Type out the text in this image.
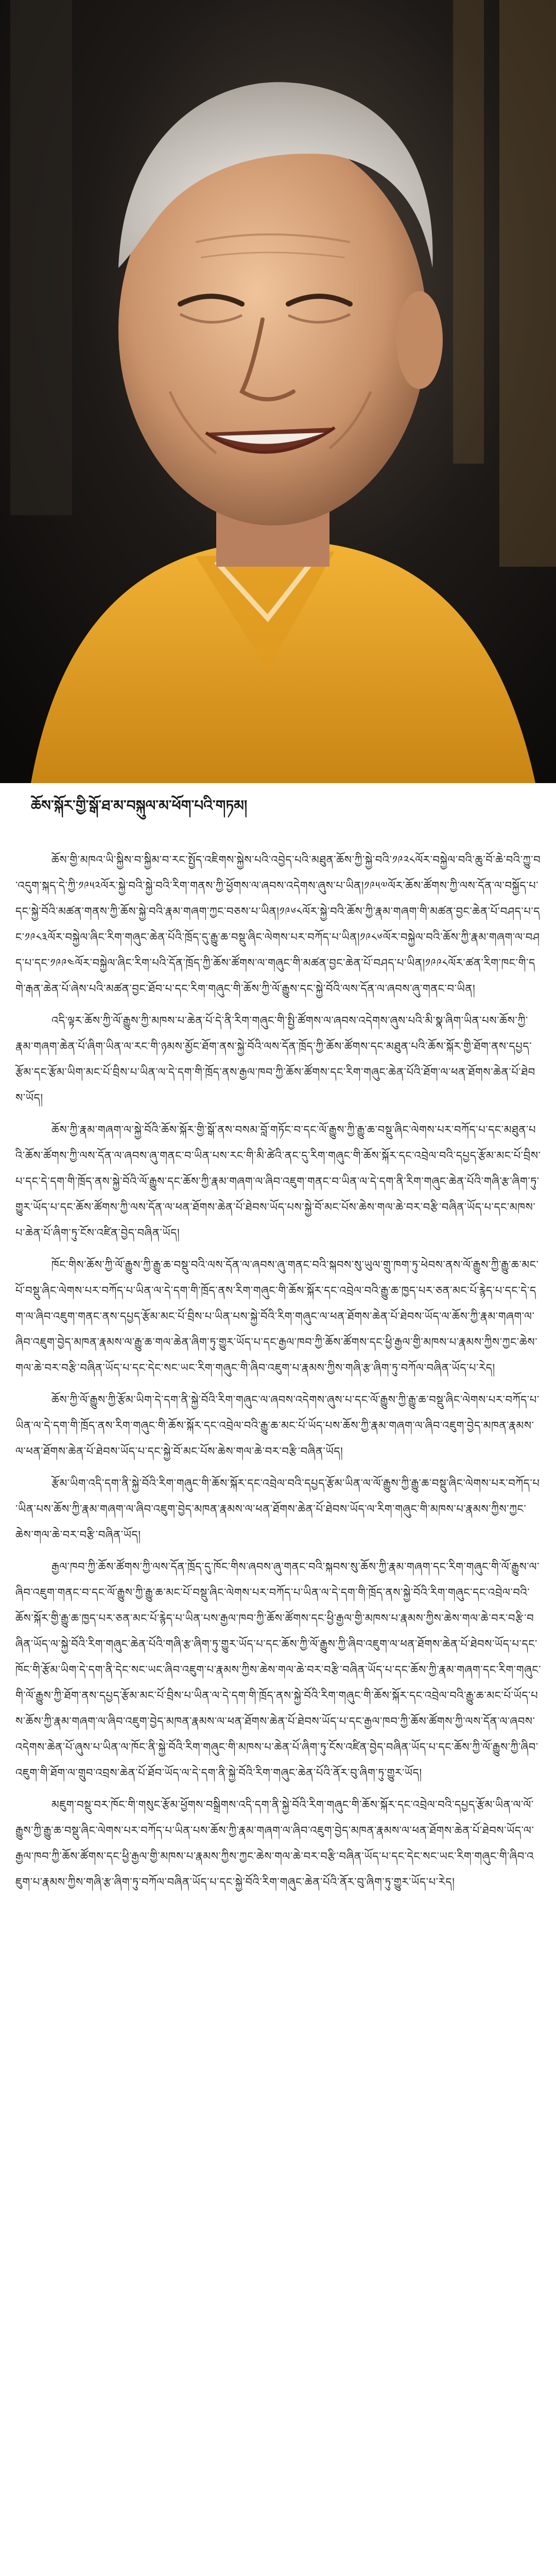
ཆོས་སྐོར་གྱི་སྒོ་ཐ་མ་བསྐུལ་མ་ཕོག་པའི་གཏམ།

ཆོས་གྱི་མཁའ་ཡི་སྐྱིས་བ་སྐྱིམ་བ་རང་སྤྱོད་འཇིགས་སྐྱེས་པའི་འབྱེད་པའི་མཐུན་ཆོས་ཀྱི་སྐྱེ་བའི་༡༩༢༨ལོར་བསྐྱེལ་བའི་ཆུ་བོ་ཆེ་བའི་ཀྱུ་བ་འདུག་སྐད་དེ་ཀྱི་༡༩༥༢ལོར་སྐྱེ་བའི་སྐྱེ་བའི་རིག་གནས་ཀྱི་ཕྱོགས་ལ་ཞབས་འདེགས་ཞུས་པ་ཡིན།༡༩༥༧ལོར་ཆོས་ཚོགས་ཀྱི་ལས་དོན་ལ་བསྐྱོད་པ་དང་སྐྱེ་བོའི་མཚན་གནས་ཀྱི་ཆོས་སྐྱེ་བའི་རྣམ་གཞག་ཀྱང་བཅས་པ་ཡིན།༡༩༦༨ལོར་སྐྱེ་བའི་ཆོས་ཀྱི་རྣམ་གཞག་གི་མཚན་བྱང་ཆེན་པོ་བཤད་པ་དང་༡༩༨༣ལོར་བསྐྱེལ་ཞིང་རིག་གཞུང་ཆེན་པོའི་ཁྲོད་དུ་རྒྱུ་ཆ་བསྡུ་ཞིང་ལེགས་པར་བཀོད་པ་ཡིན།༡༩༨༦ལོར་བསྐྱེལ་བའི་ཆོས་ཀྱི་རྣམ་གཞག་ལ་བཤད་པ་དང་༡༩༩༤ལོར་བསྐྱེལ་ཞིང་རིག་པའི་དོན་ཁྲོད་ཀྱི་ཆོས་ཚོགས་ལ་གཞུང་གི་མཚན་བྱང་ཆེན་པོ་བཤད་པ་ཡིན།༡༩༩༨ལོར་ཚན་རིག་ཁང་གི་དགེ་རྒན་ཆེན་པོ་ཞེས་པའི་མཚན་བྱང་ཐོབ་པ་དང་རིག་གཞུང་གི་ཆོས་ཀྱི་ལོ་རྒྱུས་དང་སྐྱེ་བོའི་ལས་དོན་ལ་ཞབས་ཞུ་གནང་བ་ཡིན།

འདི་ལྟར་ཆོས་ཀྱི་ལོ་རྒྱུས་ཀྱི་མཁས་པ་ཆེན་པོ་དེ་ནི་རིག་གཞུང་གི་སྤྱི་ཚོགས་ལ་ཞབས་འདེགས་ཞུས་པའི་མི་སྣ་ཞིག་ཡིན་པས་ཆོས་ཀྱི་རྣམ་གཞག་ཆེན་པོ་ཞིག་ཡིན་ལ་རང་གི་ཉམས་མྱོང་ཐོག་ནས་སྐྱེ་བོའི་ལས་དོན་ཁྲོད་ཀྱི་ཆོས་ཚོགས་དང་མཐུན་པའི་ཆོས་སྐོར་གྱི་ཐོག་ནས་དཔྱད་རྩོམ་དང་རྩོམ་ཡིག་མང་པོ་བྲིས་པ་ཡིན་ལ་དེ་དག་གི་ཁྲོད་ནས་རྒྱལ་ཁབ་ཀྱི་ཆོས་ཚོགས་དང་རིག་གཞུང་ཆེན་པོའི་ཐོག་ལ་ཕན་ཐོགས་ཆེན་པོ་ཐེབས་ཡོད།

ཆོས་ཀྱི་རྣམ་གཞག་ལ་སྐྱེ་བོའི་ཆོས་སྐོར་གྱི་སྒོ་ནས་བསམ་བློ་གཏོང་བ་དང་ལོ་རྒྱུས་ཀྱི་རྒྱུ་ཆ་བསྡུ་ཞིང་ལེགས་པར་བཀོད་པ་དང་མཐུན་པའི་ཆོས་ཚོགས་ཀྱི་ལས་དོན་ལ་ཞབས་ཞུ་གནང་བ་ཡིན་པས་རང་གི་མི་ཚེའི་ནང་དུ་རིག་གཞུང་གི་ཆོས་སྐོར་དང་འབྲེལ་བའི་དཔྱད་རྩོམ་མང་པོ་བྲིས་པ་དང་དེ་དག་གི་ཁྲོད་ནས་སྐྱེ་བོའི་ལོ་རྒྱུས་དང་ཆོས་ཀྱི་རྣམ་གཞག་ལ་ཞིབ་འཇུག་གནང་བ་ཡིན་ལ་དེ་དག་ནི་རིག་གཞུང་ཆེན་པོའི་གཞི་རྩ་ཞིག་ཏུ་གྱུར་ཡོད་པ་དང་ཆོས་ཚོགས་ཀྱི་ལས་དོན་ལ་ཕན་ཐོགས་ཆེན་པོ་ཐེབས་ཡོད་པས་སྐྱེ་བོ་མང་པོས་ཆེས་གལ་ཆེ་བར་བརྩི་བཞིན་ཡོད་པ་དང་མཁས་པ་ཆེན་པོ་ཞིག་ཏུ་ངོས་འཛིན་བྱེད་བཞིན་ཡོད།

ཁོང་གིས་ཆོས་ཀྱི་ལོ་རྒྱུས་ཀྱི་རྒྱུ་ཆ་བསྡུ་བའི་ལས་དོན་ལ་ཞབས་ཞུ་གནང་བའི་སྐབས་སུ་ཡུལ་གྲུ་ཁག་ཏུ་ཕེབས་ནས་ལོ་རྒྱུས་ཀྱི་རྒྱུ་ཆ་མང་པོ་བསྡུ་ཞིང་ལེགས་པར་བཀོད་པ་ཡིན་ལ་དེ་དག་གི་ཁྲོད་ནས་རིག་གཞུང་གི་ཆོས་སྐོར་དང་འབྲེལ་བའི་རྒྱུ་ཆ་ཁྱད་པར་ཅན་མང་པོ་རྙེད་པ་དང་དེ་དག་ལ་ཞིབ་འཇུག་གནང་ནས་དཔྱད་རྩོམ་མང་པོ་བྲིས་པ་ཡིན་པས་སྐྱེ་བོའི་རིག་གཞུང་ལ་ཕན་ཐོགས་ཆེན་པོ་ཐེབས་ཡོད་ལ་ཆོས་ཀྱི་རྣམ་གཞག་ལ་ཞིབ་འཇུག་བྱེད་མཁན་རྣམས་ལ་རྒྱུ་ཆ་གལ་ཆེན་ཞིག་ཏུ་གྱུར་ཡོད་པ་དང་རྒྱལ་ཁབ་ཀྱི་ཆོས་ཚོགས་དང་ཕྱི་རྒྱལ་གྱི་མཁས་པ་རྣམས་ཀྱིས་ཀྱང་ཆེས་གལ་ཆེ་བར་བརྩི་བཞིན་ཡོད་པ་དང་དེང་སང་ཡང་རིག་གཞུང་གི་ཞིབ་འཇུག་པ་རྣམས་ཀྱིས་གཞི་རྩ་ཞིག་ཏུ་བཀོལ་བཞིན་ཡོད་པ་རེད།

ཆོས་ཀྱི་ལོ་རྒྱུས་ཀྱི་རྩོམ་ཡིག་དེ་དག་ནི་སྐྱེ་བོའི་རིག་གཞུང་ལ་ཞབས་འདེགས་ཞུས་པ་དང་ལོ་རྒྱུས་ཀྱི་རྒྱུ་ཆ་བསྡུ་ཞིང་ལེགས་པར་བཀོད་པ་ཡིན་ལ་དེ་དག་གི་ཁྲོད་ནས་རིག་གཞུང་གི་ཆོས་སྐོར་དང་འབྲེལ་བའི་རྒྱུ་ཆ་མང་པོ་ཡོད་པས་ཆོས་ཀྱི་རྣམ་གཞག་ལ་ཞིབ་འཇུག་བྱེད་མཁན་རྣམས་ལ་ཕན་ཐོགས་ཆེན་པོ་ཐེབས་ཡོད་པ་དང་སྐྱེ་བོ་མང་པོས་ཆེས་གལ་ཆེ་བར་བརྩི་བཞིན་ཡོད།

རྩོམ་ཡིག་འདི་དག་ནི་སྐྱེ་བོའི་རིག་གཞུང་གི་ཆོས་སྐོར་དང་འབྲེལ་བའི་དཔྱད་རྩོམ་ཡིན་ལ་ལོ་རྒྱུས་ཀྱི་རྒྱུ་ཆ་བསྡུ་ཞིང་ལེགས་པར་བཀོད་པ་ཡིན་པས་ཆོས་ཀྱི་རྣམ་གཞག་ལ་ཞིབ་འཇུག་བྱེད་མཁན་རྣམས་ལ་ཕན་ཐོགས་ཆེན་པོ་ཐེབས་ཡོད་ལ་རིག་གཞུང་གི་མཁས་པ་རྣམས་ཀྱིས་ཀྱང་ཆེས་གལ་ཆེ་བར་བརྩི་བཞིན་ཡོད།

རྒྱལ་ཁབ་ཀྱི་ཆོས་ཚོགས་ཀྱི་ལས་དོན་ཁྲོད་དུ་ཁོང་གིས་ཞབས་ཞུ་གནང་བའི་སྐབས་སུ་ཆོས་ཀྱི་རྣམ་གཞག་དང་རིག་གཞུང་གི་ལོ་རྒྱུས་ལ་ཞིབ་འཇུག་གནང་བ་དང་ལོ་རྒྱུས་ཀྱི་རྒྱུ་ཆ་མང་པོ་བསྡུ་ཞིང་ལེགས་པར་བཀོད་པ་ཡིན་ལ་དེ་དག་གི་ཁྲོད་ནས་སྐྱེ་བོའི་རིག་གཞུང་དང་འབྲེལ་བའི་ཆོས་སྐོར་གྱི་རྒྱུ་ཆ་ཁྱད་པར་ཅན་མང་པོ་རྙེད་པ་ཡིན་པས་རྒྱལ་ཁབ་ཀྱི་ཆོས་ཚོགས་དང་ཕྱི་རྒྱལ་གྱི་མཁས་པ་རྣམས་ཀྱིས་ཆེས་གལ་ཆེ་བར་བརྩི་བཞིན་ཡོད་ལ་སྐྱེ་བོའི་རིག་གཞུང་ཆེན་པོའི་གཞི་རྩ་ཞིག་ཏུ་གྱུར་ཡོད་པ་དང་ཆོས་ཀྱི་ལོ་རྒྱུས་ཀྱི་ཞིབ་འཇུག་ལ་ཕན་ཐོགས་ཆེན་པོ་ཐེབས་ཡོད་པ་དང་ཁོང་གི་རྩོམ་ཡིག་དེ་དག་ནི་དེང་སང་ཡང་ཞིབ་འཇུག་པ་རྣམས་ཀྱིས་ཆེས་གལ་ཆེ་བར་བརྩི་བཞིན་ཡོད་པ་དང་ཆོས་ཀྱི་རྣམ་གཞག་དང་རིག་གཞུང་གི་ལོ་རྒྱུས་ཀྱི་ཐོག་ནས་དཔྱད་རྩོམ་མང་པོ་བྲིས་པ་ཡིན་ལ་དེ་དག་གི་ཁྲོད་ནས་སྐྱེ་བོའི་རིག་གཞུང་གི་ཆོས་སྐོར་དང་འབྲེལ་བའི་རྒྱུ་ཆ་མང་པོ་ཡོད་པས་ཆོས་ཀྱི་རྣམ་གཞག་ལ་ཞིབ་འཇུག་བྱེད་མཁན་རྣམས་ལ་ཕན་ཐོགས་ཆེན་པོ་ཐེབས་ཡོད་པ་དང་རྒྱལ་ཁབ་ཀྱི་ཆོས་ཚོགས་ཀྱི་ལས་དོན་ལ་ཞབས་འདེགས་ཆེན་པོ་ཞུས་པ་ཡིན་ལ་ཁོང་ནི་སྐྱེ་བོའི་རིག་གཞུང་གི་མཁས་པ་ཆེན་པོ་ཞིག་ཏུ་ངོས་འཛིན་བྱེད་བཞིན་ཡོད་པ་དང་ཆོས་ཀྱི་ལོ་རྒྱུས་ཀྱི་ཞིབ་འཇུག་གི་ཐོག་ལ་གྲུབ་འབྲས་ཆེན་པོ་ཐོབ་ཡོད་ལ་དེ་དག་ནི་སྐྱེ་བོའི་རིག་གཞུང་ཆེན་པོའི་ནོར་བུ་ཞིག་ཏུ་གྱུར་ཡོད།

མཇུག་བསྡུ་བར་ཁོང་གི་གསུང་རྩོམ་ཕྱོགས་བསྒྲིགས་འདི་དག་ནི་སྐྱེ་བོའི་རིག་གཞུང་གི་ཆོས་སྐོར་དང་འབྲེལ་བའི་དཔྱད་རྩོམ་ཡིན་ལ་ལོ་རྒྱུས་ཀྱི་རྒྱུ་ཆ་བསྡུ་ཞིང་ལེགས་པར་བཀོད་པ་ཡིན་པས་ཆོས་ཀྱི་རྣམ་གཞག་ལ་ཞིབ་འཇུག་བྱེད་མཁན་རྣམས་ལ་ཕན་ཐོགས་ཆེན་པོ་ཐེབས་ཡོད་ལ་རྒྱལ་ཁབ་ཀྱི་ཆོས་ཚོགས་དང་ཕྱི་རྒྱལ་གྱི་མཁས་པ་རྣམས་ཀྱིས་ཀྱང་ཆེས་གལ་ཆེ་བར་བརྩི་བཞིན་ཡོད་པ་དང་དེང་སང་ཡང་རིག་གཞུང་གི་ཞིབ་འཇུག་པ་རྣམས་ཀྱིས་གཞི་རྩ་ཞིག་ཏུ་བཀོལ་བཞིན་ཡོད་པ་དང་སྐྱེ་བོའི་རིག་གཞུང་ཆེན་པོའི་ནོར་བུ་ཞིག་ཏུ་གྱུར་ཡོད་པ་རེད།
